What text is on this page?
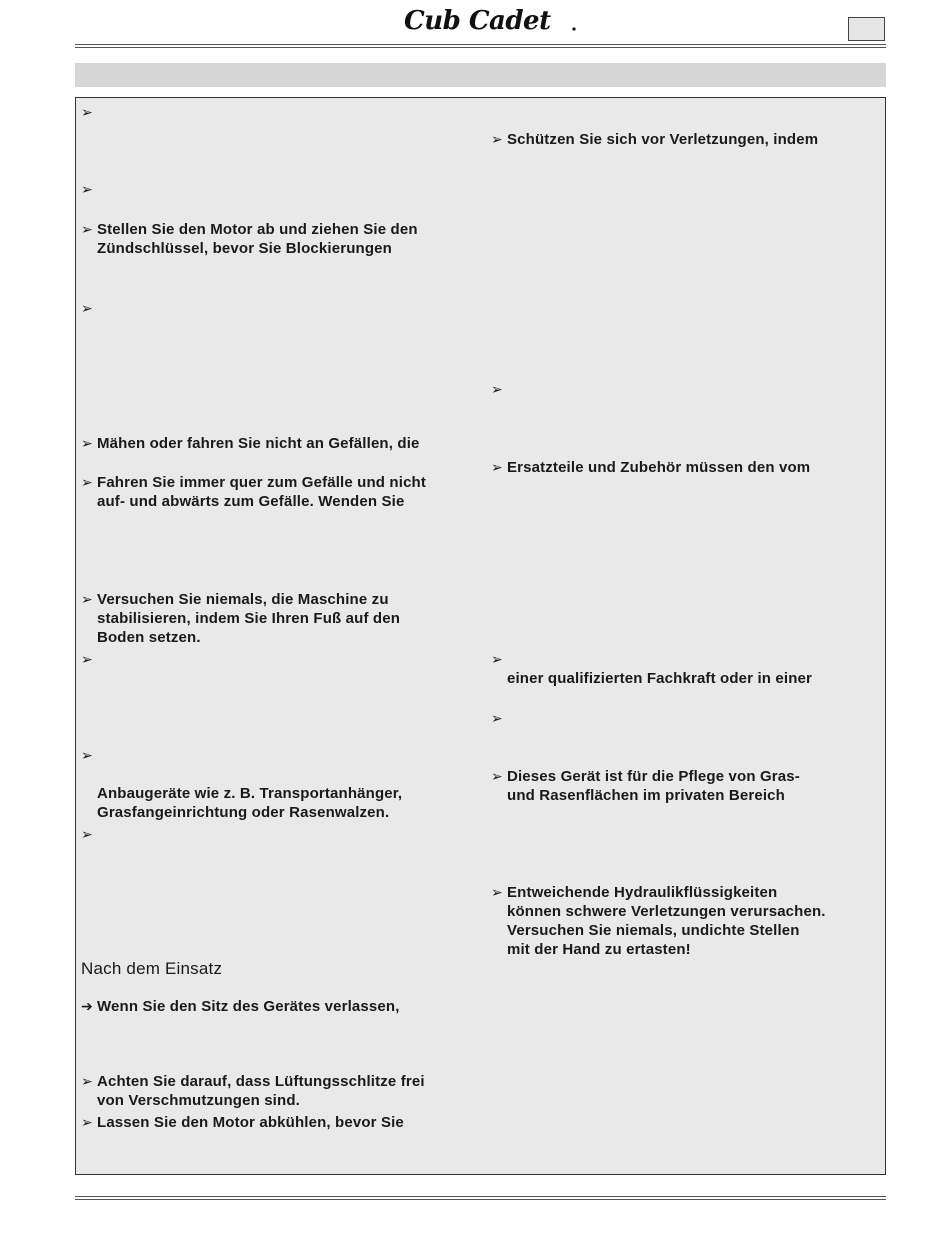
Cub Cadet
➢
➢
➢ Stellen Sie den Motor ab und ziehen Sie den
Zündschlüssel, bevor Sie Blockierungen
➢
➢ Mähen oder fahren Sie nicht an Gefällen, die
➢ Fahren Sie immer quer zum Gefälle und nicht
auf- und abwärts zum Gefälle. Wenden Sie
➢ Versuchen Sie niemals, die Maschine zu
stabilisieren, indem Sie Ihren Fuß auf den
Boden setzen.
➢
➢

Anbaugeräte wie z. B. Transportanhänger,
Grasfangeinrichtung oder Rasenwalzen.
➢
Nach dem Einsatz
➔ Wenn Sie den Sitz des Gerätes verlassen,
➢ Achten Sie darauf, dass Lüftungsschlitze frei
von Verschmutzungen sind.
➢ Lassen Sie den Motor abkühlen, bevor Sie
➢ Schützen Sie sich vor Verletzungen, indem
➢
➢ Ersatzteile und Zubehör müssen den vom
➢

einer qualifizierten Fachkraft oder in einer
➢
➢ Dieses Gerät ist für die Pflege von Gras-
und Rasenflächen im privaten Bereich
➢ Entweichende Hydraulikflüssigkeiten
können schwere Verletzungen verursachen.
Versuchen Sie niemals, undichte Stellen
mit der Hand zu ertasten!
